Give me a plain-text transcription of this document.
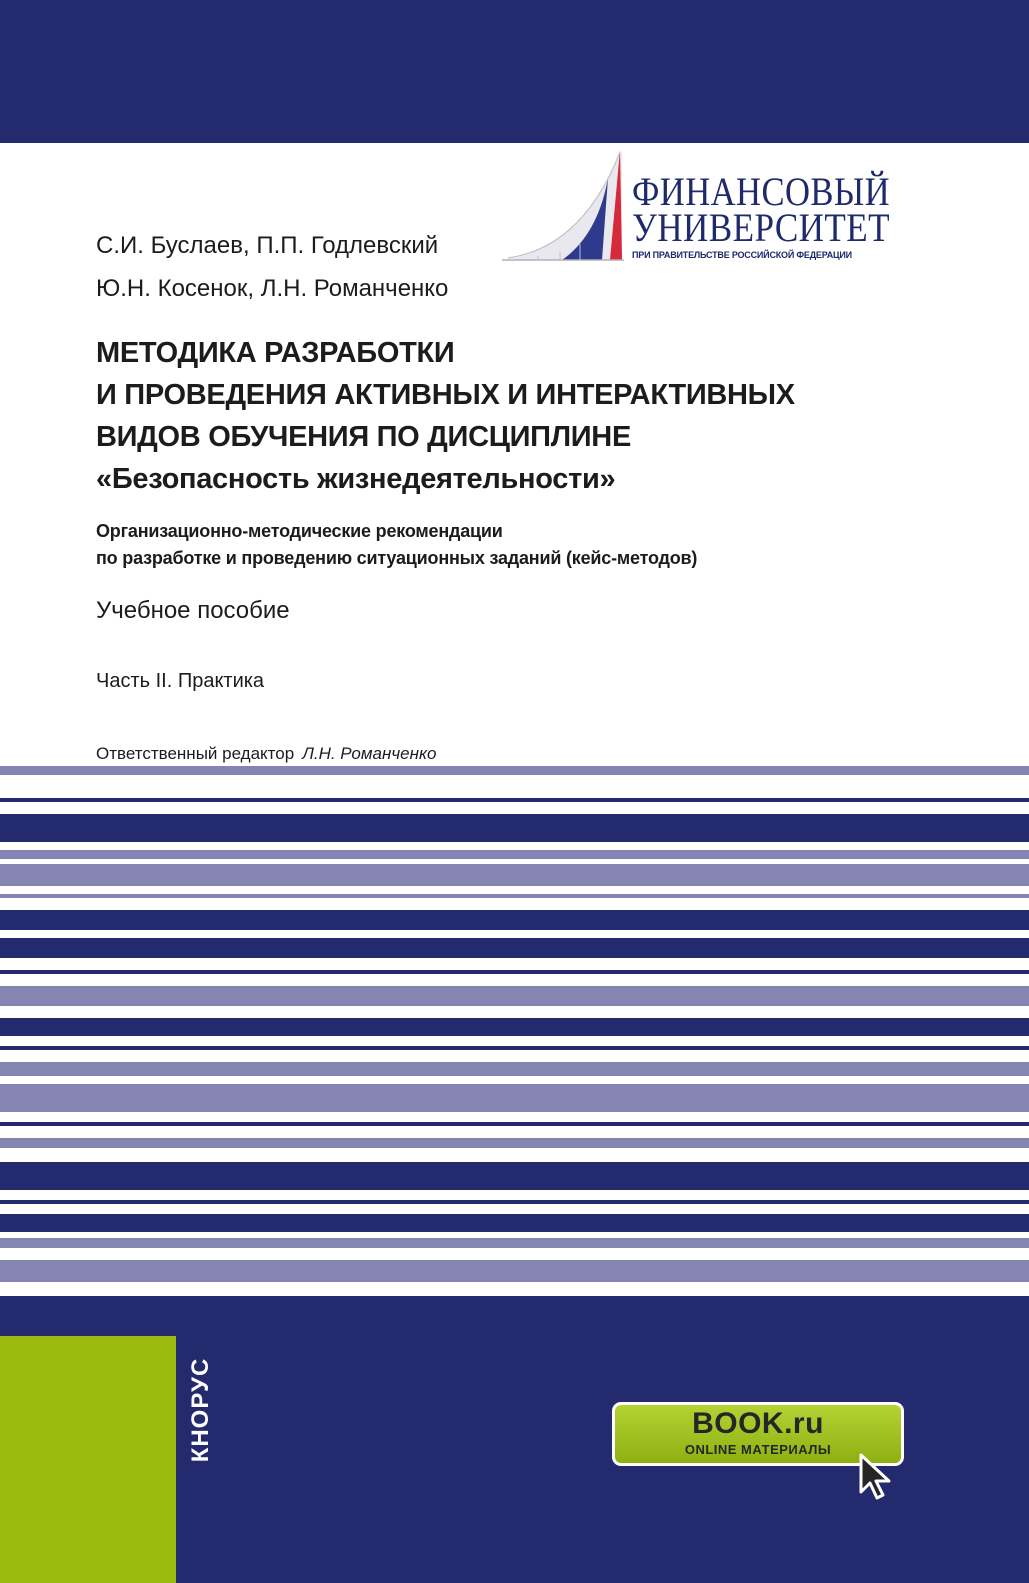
ФИНАНСОВЫЙ
УНИВЕРСИТЕТ
ПРИ ПРАВИТЕЛЬСТВЕ РОССИЙСКОЙ ФЕДЕРАЦИИ
С.И. Буслаев, П.П. Годлевский
Ю.Н. Косенок, Л.Н. Романченко
МЕТОДИКА РАЗРАБОТКИ
И ПРОВЕДЕНИЯ АКТИВНЫХ И ИНТЕРАКТИВНЫХ
ВИДОВ ОБУЧЕНИЯ ПО ДИСЦИПЛИНЕ
«Безопасность жизнедеятельности»
Организационно-методические рекомендации
по разработке и проведению ситуационных заданий (кейс-методов)
Учебное пособие
Часть II. Практика
Ответственный редактор Л.Н. Романченко
КНОРУС	BOOK.ru
ONLINE МАТЕРИАЛЫ
